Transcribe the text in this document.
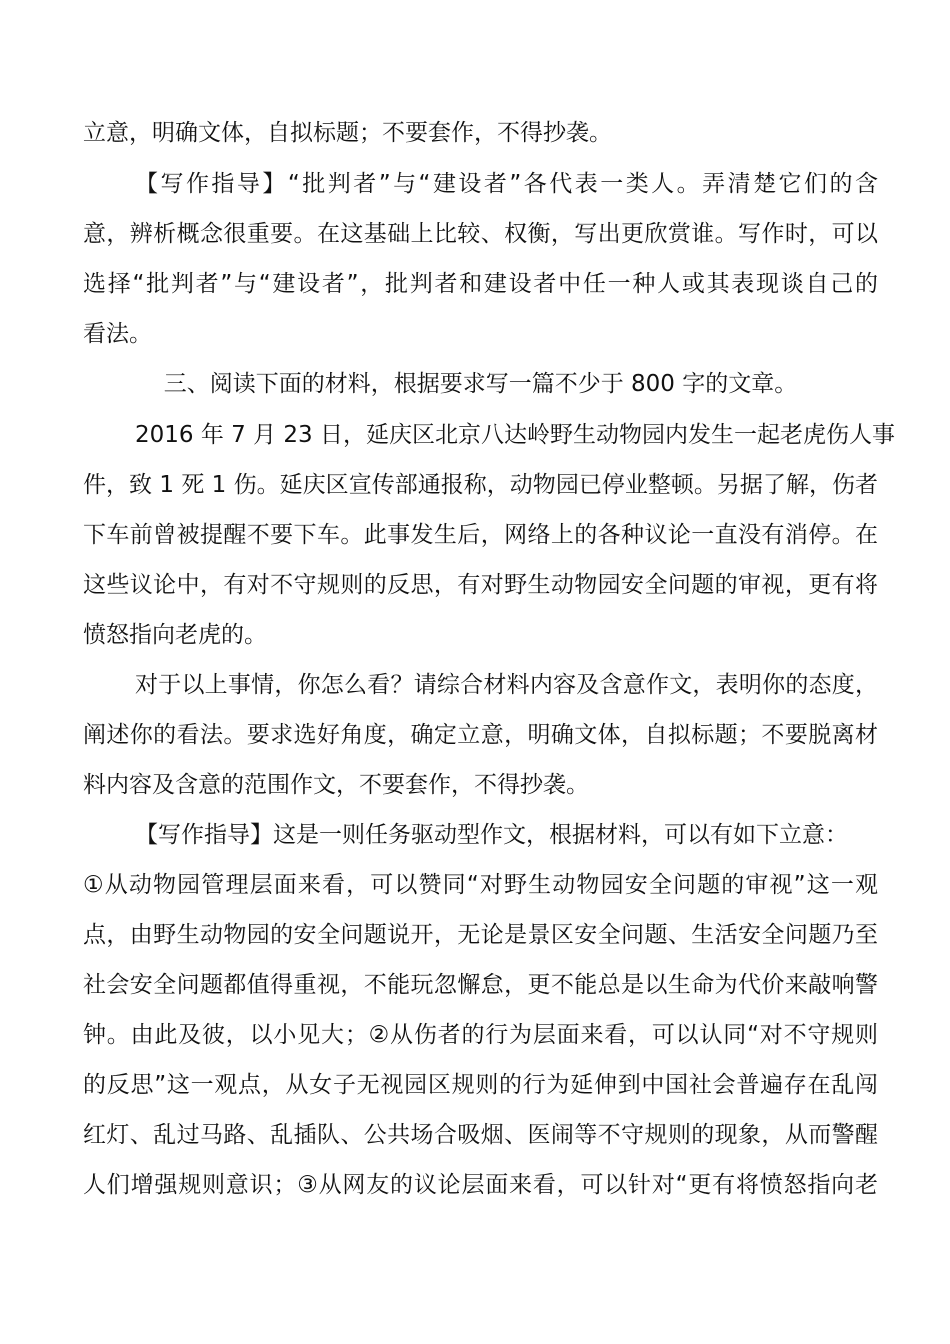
立意，明确文体，自拟标题；不要套作，不得抄袭。
【写作指导】“批判者”与“建设者”各代表一类人。弄清楚它们的含
意，辨析概念很重要。在这基础上比较、权衡，写出更欣赏谁。写作时，可以
选择“批判者”与“建设者”，批判者和建设者中任一种人或其表现谈自己的
看法。
三、阅读下面的材料，根据要求写一篇不少于 800 字的文章。
2016 年 7 月 23 日，延庆区北京八达岭野生动物园内发生一起老虎伤人事
件，致 1 死 1 伤。延庆区宣传部通报称，动物园已停业整顿。另据了解，伤者
下车前曾被提醒不要下车。此事发生后，网络上的各种议论一直没有消停。在
这些议论中，有对不守规则的反思，有对野生动物园安全问题的审视，更有将
愤怒指向老虎的。
对于以上事情，你怎么看？请综合材料内容及含意作文，表明你的态度，
阐述你的看法。要求选好角度，确定立意，明确文体，自拟标题；不要脱离材
料内容及含意的范围作文，不要套作，不得抄袭。
【写作指导】这是一则任务驱动型作文，根据材料，可以有如下立意：
①从动物园管理层面来看，可以赞同“对野生动物园安全问题的审视”这一观
点，由野生动物园的安全问题说开，无论是景区安全问题、生活安全问题乃至
社会安全问题都值得重视，不能玩忽懈怠，更不能总是以生命为代价来敲响警
钟。由此及彼，以小见大；②从伤者的行为层面来看，可以认同“对不守规则
的反思”这一观点，从女子无视园区规则的行为延伸到中国社会普遍存在乱闯
红灯、乱过马路、乱插队、公共场合吸烟、医闹等不守规则的现象，从而警醒
人们增强规则意识；③从网友的议论层面来看，可以针对“更有将愤怒指向老
